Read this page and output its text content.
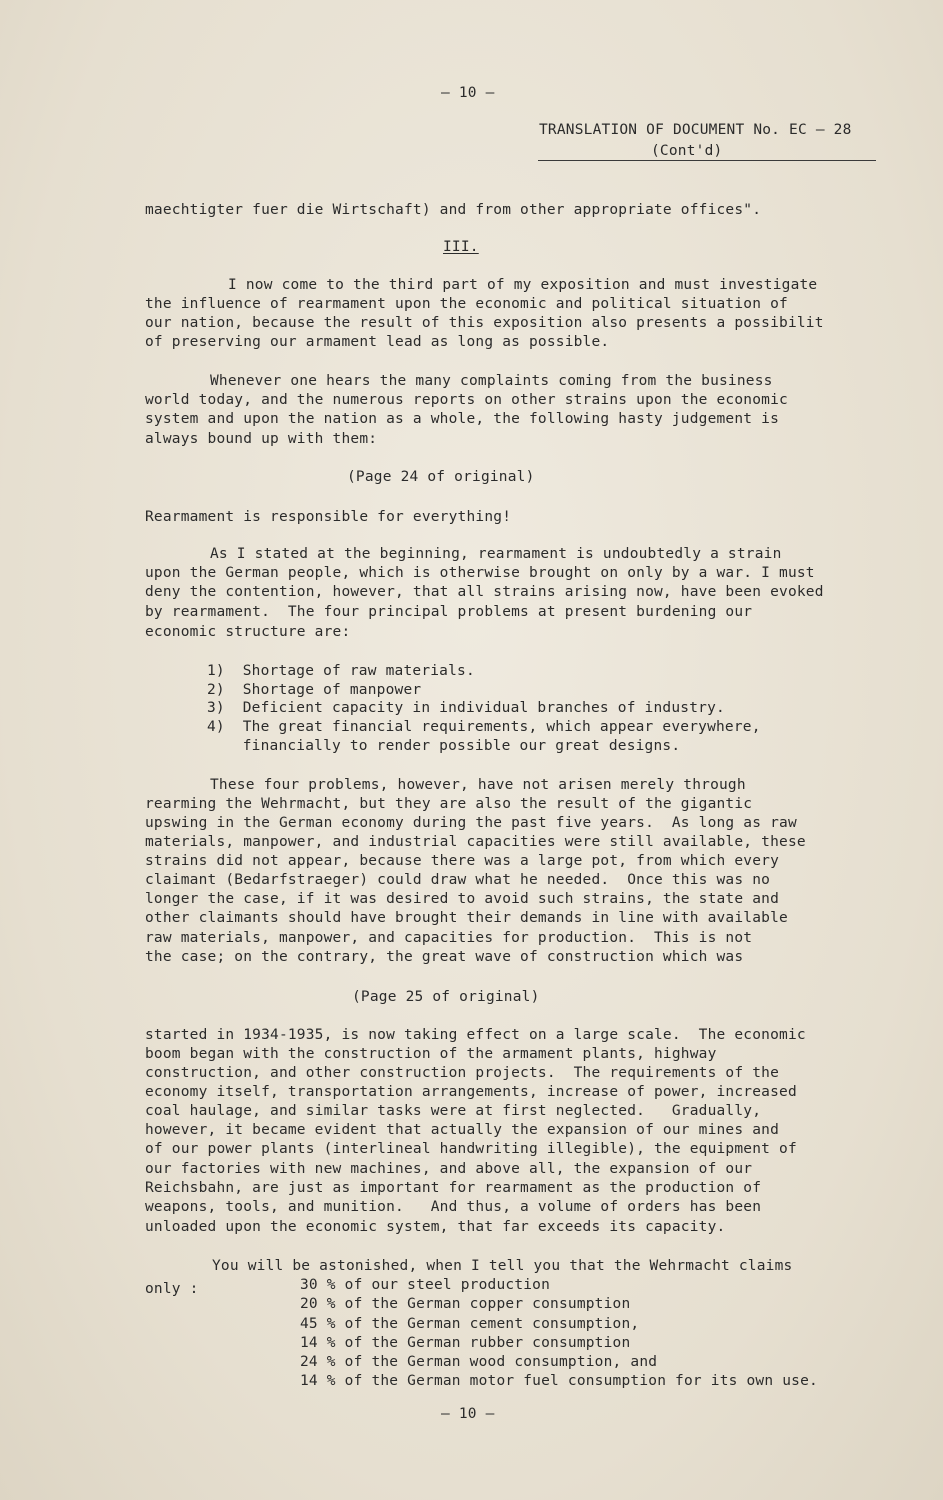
– 10 –
TRANSLATION OF DOCUMENT No. EC – 28
(Cont'd)
maechtigter fuer die Wirtschaft) and from other appropriate offices".
III.
I now come to the third part of my exposition and must investigate
the influence of rearmament upon the economic and political situation of
our nation, because the result of this exposition also presents a possibilit
of preserving our armament lead as long as possible.
Whenever one hears the many complaints coming from the business
world today, and the numerous reports on other strains upon the economic
system and upon the nation as a whole, the following hasty judgement is
always bound up with them:
(Page 24 of original)
Rearmament is responsible for everything!
As I stated at the beginning, rearmament is undoubtedly a strain
upon the German people, which is otherwise brought on only by a war. I must
deny the contention, however, that all strains arising now, have been evoked
by rearmament.  The four principal problems at present burdening our
economic structure are:
1)  Shortage of raw materials.
2)  Shortage of manpower
3)  Deficient capacity in individual branches of industry.
4)  The great financial requirements, which appear everywhere,
financially to render possible our great designs.
These four problems, however, have not arisen merely through
rearming the Wehrmacht, but they are also the result of the gigantic
upswing in the German economy during the past five years.  As long as raw
materials, manpower, and industrial capacities were still available, these
strains did not appear, because there was a large pot, from which every
claimant (Bedarfstraeger) could draw what he needed.  Once this was no
longer the case, if it was desired to avoid such strains, the state and
other claimants should have brought their demands in line with available
raw materials, manpower, and capacities for production.  This is not
the case; on the contrary, the great wave of construction which was
(Page 25 of original)
started in 1934-1935, is now taking effect on a large scale.  The economic
boom began with the construction of the armament plants, highway
construction, and other construction projects.  The requirements of the
economy itself, transportation arrangements, increase of power, increased
coal haulage, and similar tasks were at first neglected.   Gradually,
however, it became evident that actually the expansion of our mines and
of our power plants (interlineal handwriting illegible), the equipment of
our factories with new machines, and above all, the expansion of our
Reichsbahn, are just as important for rearmament as the production of
weapons, tools, and munition.   And thus, a volume of orders has been
unloaded upon the economic system, that far exceeds its capacity.
You will be astonished, when I tell you that the Wehrmacht claims
only :	30 % of our steel production
20 % of the German copper consumption
45 % of the German cement consumption,
14 % of the German rubber consumption
24 % of the German wood consumption, and
14 % of the German motor fuel consumption for its own use.
– 10 –
